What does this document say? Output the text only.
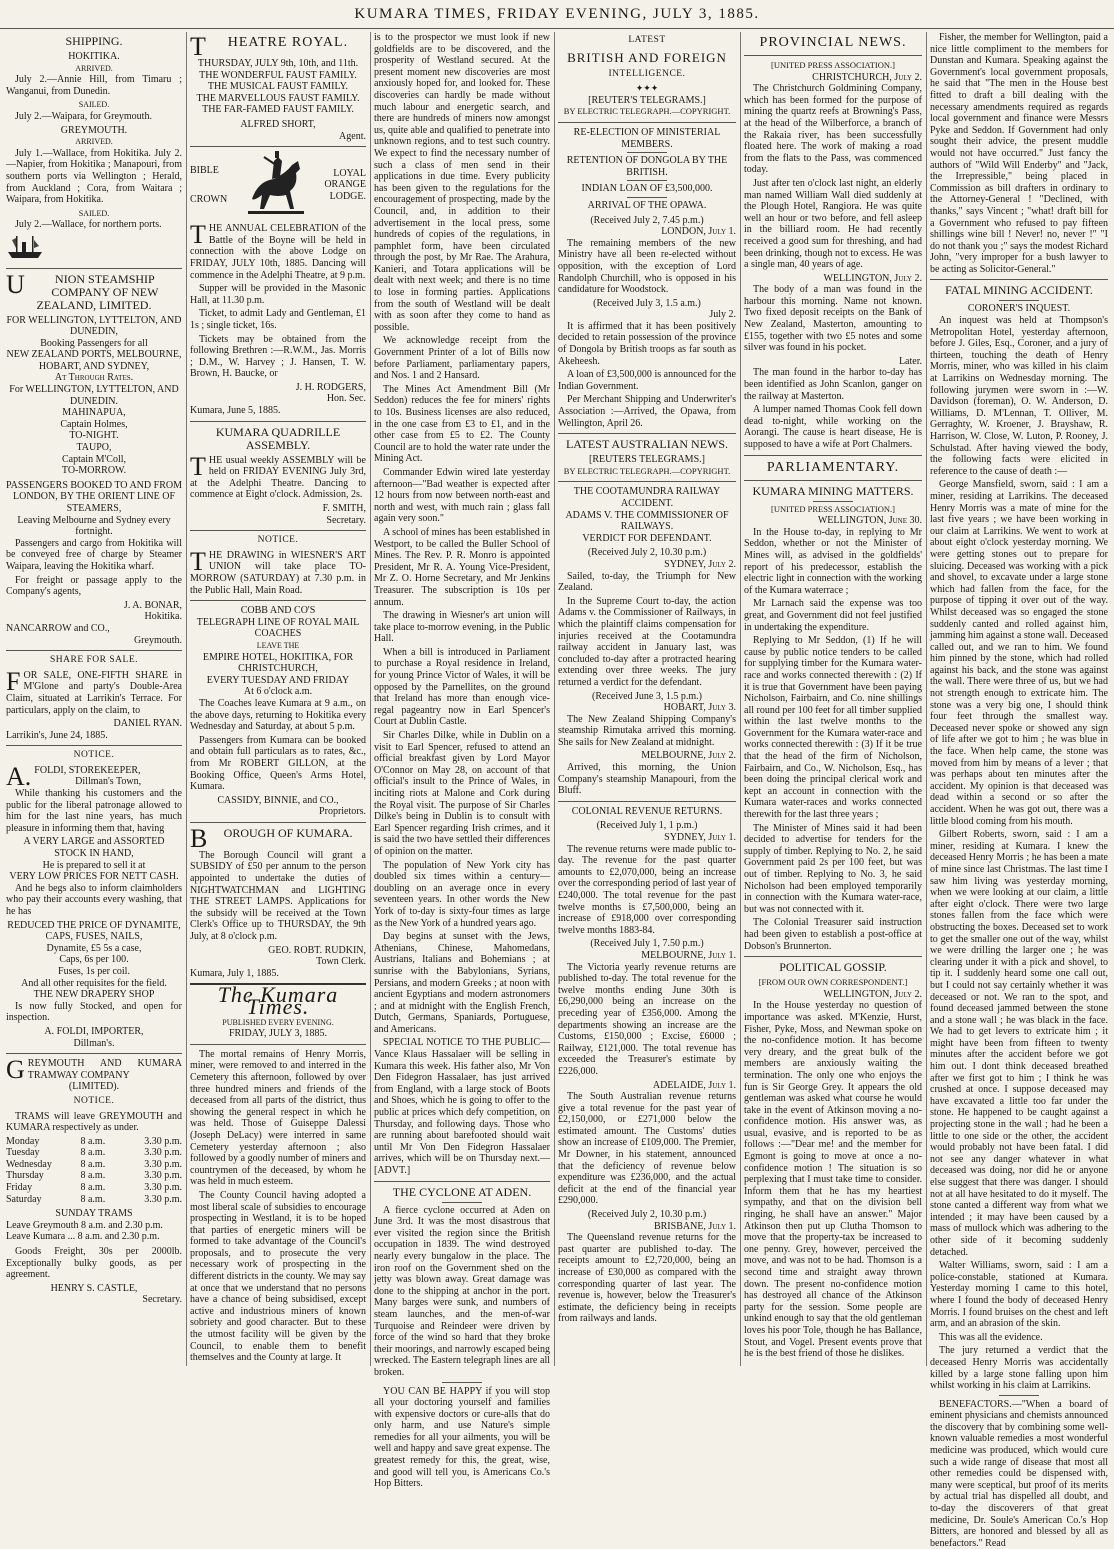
KUMARA TIMES, FRIDAY EVENING, JULY 3, 1885.
SHIPPING.
HOKITIKA.
ARRIVED.

July 2.—Annie Hill, from Timaru ; Wanganui, from Dunedin.

SAILED.

July 2.—Waipara, for Greymouth.

GREYMOUTH.
ARRIVED.

July 1.—Wallace, from Hokitika. July 2.—Napier, from Hokitika ; Manapouri, from southern ports via Wellington ; Herald, from Auckland ; Cora, from Waitara ; Waipara, from Hokitika.

SAILED.

July 2.—Wallace, for northern ports.

U	NION STEAMSHIP COMPANY OF NEW ZEALAND, LIMITED.
FOR WELLINGTON, LYTTELTON, AND DUNEDIN,
Booking Passengers for all
NEW ZEALAND PORTS, MELBOURNE, HOBART, AND SYDNEY,
At Through Rates.
For WELLINGTON, LYTTELTON, AND DUNEDIN.
MAHINAPUA,
Captain Holmes,
TO-NIGHT.
TAUPO,
Captain M'Coll,
TO-MORROW.
PASSENGERS BOOKED TO AND FROM LONDON, BY THE ORIENT LINE OF STEAMERS,
Leaving Melbourne and Sydney every fortnight.

Passengers and cargo from Hokitika will be conveyed free of charge by Steamer Waipara, leaving the Hokitika wharf.

For freight or passage apply to the Company's agents,

J. A. BONAR,
Hokitika.
NANCARROW and CO.,
Greymouth.
SHARE FOR SALE.

FOR SALE, ONE-FIFTH SHARE in M'Glone and party's Double-Area Claim, situated at Larrikin's Terrace. For particulars, apply on the claim, to

DANIEL RYAN.
Larrikin's, June 24, 1885.
NOTICE.
A. FOLDI, STOREKEEPER,
Dillman's Town,

While thanking his customers and the public for the liberal patronage allowed to him for the last nine years, has much pleasure in informing them that, having

A VERY LARGE and ASSORTED STOCK IN HAND,
He is prepared to sell it at
VERY LOW PRICES FOR NETT CASH.

And he begs also to inform claimholders who pay their accounts every washing, that he has

REDUCED THE PRICE OF DYNAMITE, CAPS, FUSES, NAILS,
Dynamite, £5 5s a case,
Caps, 6s per 100.
Fuses, 1s per coil.
And all other requisites for the field.
THE NEW DRAPERY SHOP

Is now fully Stocked, and open for inspection.

A. FOLDI, IMPORTER,
Dillman's.
GREYMOUTH AND KUMARA TRAMWAY COMPANY
(LIMITED).
NOTICE.

TRAMS will leave GREYMOUTH and KUMARA respectively as under.

Monday	8 a.m.	3.30 p.m.
Tuesday	8 a.m.	3.30 p.m.
Wednesday	8 a.m.	3.30 p.m.
Thursday	8 a.m.	3.30 p.m.
Friday	8 a.m.	3.30 p.m.
Saturday	8 a.m.	3.30 p.m.
SUNDAY TRAMS
Leave Greymouth 8 a.m. and 2.30 p.m.
Leave Kumara ... 8 a.m. and 2.30 p.m.

Goods Freight, 30s per 2000lb. Exceptionally bulky goods, as per agreement.

HENRY S. CASTLE,
Secretary.
T HEATRE ROYAL.
THURSDAY, JULY 9th, 10th, and 11th.
THE WONDERFUL FAUST FAMILY.
THE MUSICAL FAUST FAMILY.
THE MARVELLOUS FAUST FAMILY.
THE FAR-FAMED FAUST FAMILY.
ALFRED SHORT,
Agent.
BIBLE
CROWN
LOYAL
ORANGE
LODGE.

THE ANNUAL CELEBRATION of the Battle of the Boyne will be held in connection with the above Lodge on FRIDAY, JULY 10th, 1885. Dancing will commence in the Adelphi Theatre, at 9 p.m.

Supper will be provided in the Masonic Hall, at 11.30 p.m.

Ticket, to admit Lady and Gentleman, £1 1s ; single ticket, 16s.

Tickets may be obtained from the following Brethren :—R.W.M., Jas. Morris ; D.M., W. Harvey ; J. Hansen, T. W. Brown, H. Baucke, or

J. H. RODGERS,
Hon. Sec.
Kumara, June 5, 1885.
KUMARA QUADRILLE ASSEMBLY.

THE usual weekly ASSEMBLY will be held on FRIDAY EVENING July 3rd, at the Adelphi Theatre. Dancing to commence at Eight o'clock. Admission, 2s.

F. SMITH,
Secretary.
NOTICE.

THE DRAWING in WIESNER'S ART UNION will take place TO-MORROW (SATURDAY) at 7.30 p.m. in the Public Hall, Main Road.

COBB AND CO'S
TELEGRAPH LINE OF ROYAL MAIL COACHES
LEAVE THE
EMPIRE HOTEL, HOKITIKA, FOR CHRISTCHURCH,
EVERY TUESDAY AND FRIDAY
At 6 o'clock a.m.

The Coaches leave Kumara at 9 a.m., on the above days, returning to Hokitika every Wednesday and Saturday, at about 5 p.m.

Passengers from Kumara can be booked and obtain full particulars as to rates, &c., from Mr ROBERT GILLON, at the Booking Office, Queen's Arms Hotel, Kumara.

CASSIDY, BINNIE, and CO.,
Proprietors.
B OROUGH OF KUMARA.

The Borough Council will grant a SUBSIDY of £50 per annum to the person appointed to undertake the duties of NIGHTWATCHMAN and LIGHTING THE STREET LAMPS. Applications for the subsidy will be received at the Town Clerk's Office up to THURSDAY, the 9th July, at 8 o'clock p.m.

GEO. ROBT. RUDKIN,
Town Clerk.
Kumara, July 1, 1885.
The Kumara Times.
PUBLISHED EVERY EVENING.
FRIDAY, JULY 3, 1885.

The mortal remains of Henry Morris, miner, were removed to and interred in the Cemetery this afternoon, followed by over three hundred miners and friends of the deceased from all parts of the district, thus showing the general respect in which he was held. Those of Guiseppe Dalessi (Joseph DeLacy) were interred in same Cemetery yesterday afternoon ; also followed by a goodly number of miners and countrymen of the deceased, by whom he was held in much esteem.

The County Council having adopted a most liberal scale of subsidies to encourage prospecting in Westland, it is to be hoped that parties of energetic miners will be formed to take advantage of the Council's proposals, and to prosecute the very necessary work of prospecting in the different districts in the county. We may say at once that we understand that no persons have a chance of being subsidised, except active and industrious miners of known sobriety and good character. But to these the utmost facility will be given by the Council, to enable them to benefit themselves and the County at large. It

is to the prospector we must look if new goldfields are to be discovered, and the prosperity of Westland secured. At the present moment new discoveries are most anxiously hoped for, and looked for. These discoveries can hardly be made without much labour and energetic search, and there are hundreds of miners now amongst us, quite able and qualified to penetrate into unknown regions, and to test such country. We expect to find the necessary number of such a class of men send in their applications in due time. Every publicity has been given to the regulations for the encouragement of prospecting, made by the Council, and, in addition to their advertisement in the local press, some hundreds of copies of the regulations, in pamphlet form, have been circulated through the post, by Mr Rae. The Arahura, Kanieri, and Totara applications will be dealt with next week; and there is no time to lose in forming parties. Applications from the south of Westland will be dealt with as soon after they come to hand as possible.

We acknowledge receipt from the Government Printer of a lot of Bills now before Parliament, parliamentary papers, and Nos. 1 and 2 Hansard.

The Mines Act Amendment Bill (Mr Seddon) reduces the fee for miners' rights to 10s. Business licenses are also reduced, in the one case from £3 to £1, and in the other case from £5 to £2. The County Council are to hold the water rate under the Mining Act.

Commander Edwin wired late yesterday afternoon—"Bad weather is expected after 12 hours from now between north-east and north and west, with much rain ; glass fall again very soon."

A school of mines has been established in Westport, to be called the Buller School of Mines. The Rev. P. R. Monro is appointed President, Mr R. A. Young Vice-President, Mr Z. O. Horne Secretary, and Mr Jenkins Treasurer. The subscription is 10s per annum.

The drawing in Wiesner's art union will take place to-morrow evening, in the Public Hall.

When a bill is introduced in Parliament to purchase a Royal residence in Ireland, for young Prince Victor of Wales, it will be opposed by the Parnellites, on the ground that Ireland has more than enough vice-regal pageantry now in Earl Spencer's Court at Dublin Castle.

Sir Charles Dilke, while in Dublin on a visit to Earl Spencer, refused to attend an official breakfast given by Lord Mayor O'Connor on May 28, on account of that official's insult to the Prince of Wales, in inciting riots at Malone and Cork during the Royal visit. The purpose of Sir Charles Dilke's being in Dublin is to consult with Earl Spencer regarding Irish crimes, and it is said the two have settled their differences of opinion on the matter.

The population of New York city has doubled six times within a century—doubling on an average once in every seventeen years. In other words the New York of to-day is sixty-four times as large as the New York of a hundred years ago.

Day begins at sunset with the Jews, Athenians, Chinese, Mahomedans, Austrians, Italians and Bohemians ; at sunrise with the Babylonians, Syrians, Persians, and modern Greeks ; at noon with ancient Egyptians and modern astronomers ; and at midnight with the English French, Dutch, Germans, Spaniards, Portuguese, and Americans.

SPECIAL NOTICE TO THE PUBLIC—Vance Klaus Hassalaer will be selling in Kumara this week. His father also, Mr Von Den Fidegron Hassalaer, has just arrived from England, with a large stock of Boots and Shoes, which he is going to offer to the public at prices which defy competition, on Thursday, and following days. Those who are running about barefooted should wait until Mr Von Den Fidegron Hassalaer arrives, which will be on Thursday next.—[ADVT.]

THE CYCLONE AT ADEN.

A fierce cyclone occurred at Aden on June 3rd. It was the most disastrous that ever visited the region since the British occupation in 1839. The wind destroyed nearly every bungalow in the place. The iron roof on the Government shed on the jetty was blown away. Great damage was done to the shipping at anchor in the port. Many barges were sunk, and numbers of steam launches, and the men-of-war Turquoise and Reindeer were driven by force of the wind so hard that they broke their moorings, and narrowly escaped being wrecked. The Eastern telegraph lines are all broken.

YOU CAN BE HAPPY if you will stop all your doctoring yourself and families with expensive doctors or cure-alls that do only harm, and use Nature's simple remedies for all your ailments, you will be well and happy and save great expense. The greatest remedy for this, the great, wise, and good will tell you, is Americans Co.'s Hop Bitters.

LATEST
BRITISH AND FOREIGN
INTELLIGENCE.
✦✦✦
[REUTER'S TELEGRAMS.]
BY ELECTRIC TELEGRAPH.—COPYRIGHT.
RE-ELECTION OF MINISTERIAL MEMBERS.
RETENTION OF DONGOLA BY THE BRITISH.
INDIAN LOAN OF £3,500,000.
ARRIVAL OF THE OPAWA.
(Received July 2, 7.45 p.m.)
LONDON, July 1.

The remaining members of the new Ministry have all been re-elected without opposition, with the exception of Lord Randolph Churchill, who is opposed in his candidature for Woodstock.

(Received July 3, 1.5 a.m.)
July 2.

It is affirmed that it has been positively decided to retain possession of the province of Dongola by British troops as far south as Akeheesh.

A loan of £3,500,000 is announced for the Indian Government.

Per Merchant Shipping and Underwriter's Association :—Arrived, the Opawa, from Wellington, April 26.

LATEST AUSTRALIAN NEWS.
[REUTERS TELEGRAMS.]
BY ELECTRIC TELEGRAPH.—COPYRIGHT.
THE COOTAMUNDRA RAILWAY ACCIDENT.
ADAMS V. THE COMMISSIONER OF RAILWAYS.
VERDICT FOR DEFENDANT.
(Received July 2, 10.30 p.m.)
SYDNEY, July 2.

Sailed, to-day, the Triumph for New Zealand.

In the Supreme Court to-day, the action Adams v. the Commissioner of Railways, in which the plaintiff claims compensation for injuries received at the Cootamundra railway accident in January last, was concluded to-day after a protracted hearing extending over three weeks. The jury returned a verdict for the defendant.

(Received June 3, 1.5 p.m.)
HOBART, July 3.

The New Zealand Shipping Company's steamship Rimutaka arrived this morning. She sails for New Zealand at midnight.

MELBOURNE, July 2.

Arrived, this morning, the Union Company's steamship Manapouri, from the Bluff.

COLONIAL REVENUE RETURNS.
(Received July 1, 1 p.m.)
SYDNEY, July 1.

The revenue returns were made public to-day. The revenue for the past quarter amounts to £2,070,000, being an increase over the corresponding period of last year of £240,000. The total revenue for the past twelve months is £7,500,000, being an increase of £918,000 over corresponding twelve months 1883-84.

(Received July 1, 7.50 p.m.)
MELBOURNE, July 1.

The Victoria yearly revenue returns are published to-day. The total revenue for the twelve months ending June 30th is £6,290,000 being an increase on the preceding year of £356,000. Among the departments showing an increase are the Customs, £150,000 ; Excise, £6000 ; Railway, £121,000. The total revenue has exceeded the Treasurer's estimate by £226,000.

ADELAIDE, July 1.

The South Australian revenue returns give a total revenue for the past year of £2,150,000, or £271,000 below the estimated amount. The Customs' duties show an increase of £109,000. The Premier, Mr Downer, in his statement, announced that the deficiency of revenue below expenditure was £236,000, and the actual deficit at the end of the financial year £290,000.

(Received July 2, 10.30 p.m.)
BRISBANE, July 1.

The Queensland revenue returns for the past quarter are published to-day. The receipts amount to £2,720,000, being an increase of £30,000 as compared with the corresponding quarter of last year. The revenue is, however, below the Treasurer's estimate, the deficiency being in receipts from railways and lands.

PROVINCIAL NEWS.
[UNITED PRESS ASSOCIATION.]
CHRISTCHURCH, July 2.

The Christchurch Goldmining Company, which has been formed for the purpose of mining the quartz reefs at Browning's Pass, at the head of the Wilberforce, a branch of the Rakaia river, has been successfully floated here. The work of making a road from the flats to the Pass, was commenced today.

Just after ten o'clock last night, an elderly man named William Wall died suddenly at the Plough Hotel, Rangiora. He was quite well an hour or two before, and fell asleep in the billiard room. He had recently received a good sum for threshing, and had been drinking, though not to excess. He was a single man, 40 years of age.

WELLINGTON, July 2.

The body of a man was found in the harbour this morning. Name not known. Two fixed deposit receipts on the Bank of New Zealand, Masterton, amounting to £155, together with two £5 notes and some silver was found in his pocket.

Later.

The man found in the harbor to-day has been identified as John Scanlon, ganger on the railway at Masterton.

A lumper named Thomas Cook fell down dead to-night, while working on the Aorangi. The cause is heart disease, He is supposed to have a wife at Port Chalmers.

PARLIAMENTARY.
KUMARA MINING MATTERS.
[UNITED PRESS ASSOCIATION.]
WELLINGTON, June 30.

In the House to-day, in replying to Mr Seddon, whether or not the Minister of Mines will, as advised in the goldfields' report of his predecessor, establish the electric light in connection with the working of the Kumara waterrace ;

Mr Larnach said the expense was too great, and Government did not feel justified in undertaking the expenditure.

Replying to Mr Seddon, (1) If he will cause by public notice tenders to be called for supplying timber for the Kumara water-race and works connected therewith : (2) If it is true that Government have been paying Nicholson, Fairbairn, and Co. nine shillings all round per 100 feet for all timber supplied within the last twelve months to the Government for the Kumara water-race and works connected therewith : (3) If it be true that the head of the firm of Nicholson, Fairbairn, and Co., W. Nicholson, Esq., has been doing the principal clerical work and kept an account in connection with the Kumara water-races and works connected therewith for the last three years ;

The Minister of Mines said it had been decided to advertise for tenders for the supply of timber. Replying to No. 2, he said Government paid 2s per 100 feet, but was out of timber. Replying to No. 3, he said Nicholson had been employed temporarily in connection with the Kumara water-race, but was not connected with it.

The Colonial Treasurer said instruction had been given to establish a post-office at Dobson's Brunnerton.

POLITICAL GOSSIP.
[FROM OUR OWN CORRESPONDENT.]
WELLINGTON, July 2.

In the House yesterday no question of importance was asked. M'Kenzie, Hurst, Fisher, Pyke, Moss, and Newman spoke on the no-confidence motion. It has become very dreary, and the great bulk of the members are anxiously waiting the termination. The only one who enjoys the fun is Sir George Grey. It appears the old gentleman was asked what course he would take in the event of Atkinson moving a no-confidence motion. His answer was, as usual, evasive, and is reported to be as follows :—"Dear me! and the member for Egmont is going to move at once a no-confidence motion ! The situation is so perplexing that I must take time to consider. Inform them that he has my heartiest sympathy, and that on the division bell ringing, he shall have an answer." Major Atkinson then put up Clutha Thomson to move that the property-tax be increased to one penny. Grey, however, perceived the move, and was not to be had. Thomson is a second time and straight away thrown down. The present no-confidence motion has destroyed all chance of the Atkinson party for the session. Some people are unkind enough to say that the old gentleman loves his poor Tole, though he has Ballance, Stout, and Vogel. Present events prove that he is the best friend of those he dislikes.

Fisher, the member for Wellington, paid a nice little compliment to the members for Dunstan and Kumara. Speaking against the Government's local government proposals, he said that "The men in the House best fitted to draft a bill dealing with the necessary amendments required as regards local government and finance were Messrs Pyke and Seddon. If Government had only sought their advice, the present muddle would not have occurred." Just fancy the authors of "Wild Will Enderby" and "Jack, the Irrepressible," being placed in Commission as bill drafters in ordinary to the Attorney-General ! "Declined, with thanks," says Vincent ; "what! draft bill for a Government who refused to pay fifteen shillings wine bill ! Never! no, never !" "I do not thank you ;" says the modest Richard John, "very improper for a bush lawyer to be acting as Solicitor-General."

FATAL MINING ACCIDENT.
CORONER'S INQUEST.

An inquest was held at Thompson's Metropolitan Hotel, yesterday afternoon, before J. Giles, Esq., Coroner, and a jury of thirteen, touching the death of Henry Morris, miner, who was killed in his claim at Larrikins on Wednesday morning. The following jurymen were sworn in :—W. Davidson (foreman), O. W. Anderson, D. Williams, D. M'Lennan, T. Olliver, M. Gerraghty, W. Kroener, J. Brayshaw, R. Harrison, W. Close, W. Luton, P. Rooney, J. Schulstad. After having viewed the body, the following facts were elicited in reference to the cause of death :—

George Mansfield, sworn, said : I am a miner, residing at Larrikins. The deceased Henry Morris was a mate of mine for the last five years ; we have been working in our claim at Larrikins. We went to work at about eight o'clock yesterday morning. We were getting stones out to prepare for sluicing. Deceased was working with a pick and shovel, to excavate under a large stone which had fallen from the face, for the purpose of tipping it over out of the way. Whilst deceased was so engaged the stone suddenly canted and rolled against him, jamming him against a stone wall. Deceased called out, and we ran to him. We found him pinned by the stone, which had rolled against his back, and the stone was against the wall. There were three of us, but we had not strength enough to extricate him. The stone was a very big one, I should think four feet through the smallest way. Deceased never spoke or showed any sign of life after we got to him ; he was blue in the face. When help came, the stone was moved from him by means of a lever ; that was perhaps about ten minutes after the accident. My opinion is that deceased was dead within a second or so after the accident. When he was got out, there was a little blood coming from his mouth.

Gilbert Roberts, sworn, said : I am a miner, residing at Kumara. I knew the deceased Henry Morris ; he has been a mate of mine since last Christmas. The last time I saw him living was yesterday morning, when we were looking at our claim, a little after eight o'clock. There were two large stones fallen from the face which were obstructing the boxes. Deceased set to work to get the smaller one out of the way, whilst we were drilling the larger one ; he was clearing under it with a pick and shovel, to tip it. I suddenly heard some one call out, but I could not say certainly whether it was deceased or not. We ran to the spot, and found deceased jammed between the stone and a stone wall ; he was black in the face. We had to get levers to extricate him ; it might have been from fifteen to twenty minutes after the accident before we got him out. I dont think deceased breathed after we first got to him ; I think he was crushed at once. I suppose deceased may have excavated a little too far under the stone. He happened to be caught against a projecting stone in the wall ; had he been a little to one side or the other, the accident would probably not have been fatal. I did not see any danger whatever in what deceased was doing, nor did he or anyone else suggest that there was danger. I should not at all have hesitated to do it myself. The stone canted a different way from what we intended ; it may have been caused by a mass of mullock which was adhering to the other side of it becoming suddenly detached.

Walter Williams, sworn, said : I am a police-constable, stationed at Kumara. Yesterday morning I came to this hotel, where I found the body of deceased Henry Morris. I found bruises on the chest and left arm, and an abrasion of the skin.

This was all the evidence.

The jury returned a verdict that the deceased Henry Morris was accidentally killed by a large stone falling upon him whilst working in his claim at Larrikins.

BENEFACTORS.—"When a board of eminent physicians and chemists announced the discovery that by combining some well-known valuable remedies a most wonderful medicine was produced, which would cure such a wide range of disease that most all other remedies could be dispensed with, many were sceptical, but proof of its merits by actual trial has dispelled all doubt, and to-day the discoverers of that great medicine, Dr. Soule's American Co.'s Hop Bitters, are honored and blessed by all as benefactors." Read
